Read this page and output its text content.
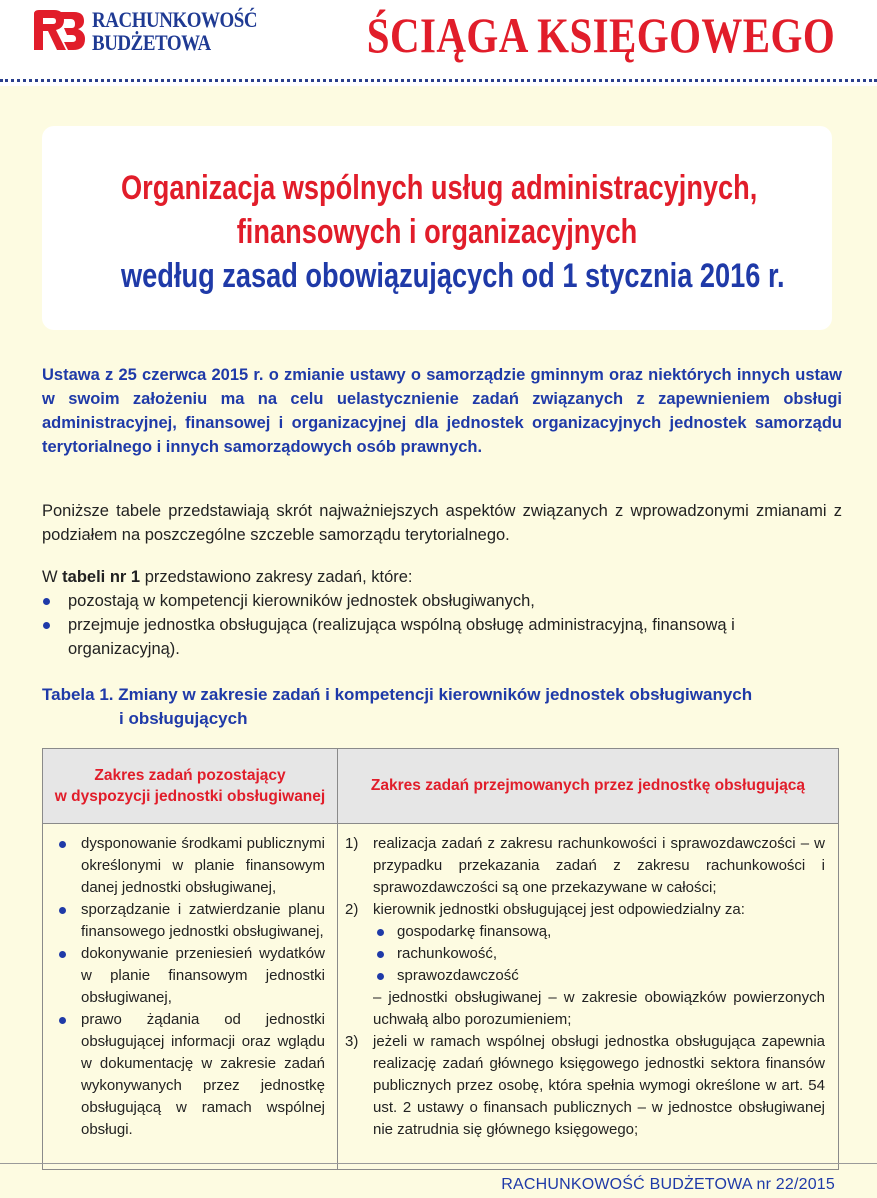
RACHUNKOWOŚĆ
BUDŻETOWA	ŚCIĄGA KSIĘGOWEGO
Organizacja wspólnych usług administracyjnych,
finansowych i organizacyjnych
według zasad obowiązujących od 1 stycznia 2016 r.
Ustawa z 25 czerwca 2015 r. o zmianie ustawy o samorządzie gminnym oraz niektórych innych ustaw w swoim założeniu ma na celu uelastycznienie zadań związanych z zapewnieniem obsługi administracyjnej, finansowej i organizacyjnej dla jednostek organizacyjnych jednostek samorządu terytorialnego i innych samorządowych osób prawnych.
Poniższe tabele przedstawiają skrót najważniejszych aspektów związanych z wprowadzonymi zmianami z podziałem na poszczególne szczeble samorządu terytorialnego.
W tabeli nr 1 przedstawiono zakresy zadań, które:
pozostają w kompetencji kierowników jednostek obsługiwanych,
przejmuje jednostka obsługująca (realizująca wspólną obsługę administracyjną, finansową i organizacyjną).
Tabela 1. Zmiany w zakresie zadań i kompetencji kierowników jednostek obsługiwanych
i obsługujących
Zakres zadań pozostający
w dyspozycji jednostki obsługiwanej
Zakres zadań przejmowanych przez jednostkę obsługującą
dysponowanie środkami publicznymi określonymi w planie finansowym danej jednostki obsługiwanej,
sporządzanie i zatwierdzanie planu finansowego jednostki obsługiwanej,
dokonywanie przeniesień wydatków w planie finansowym jednostki obsługiwanej,
prawo żądania od jednostki obsługującej informacji oraz wglądu w dokumentację w zakresie zadań wykonywanych przez jednostkę obsługującą w ramach wspólnej obsługi.
1) realizacja zadań z zakresu rachunkowości i sprawozdawczości – w przypadku przekazania zadań z zakresu rachunkowości i sprawozdawczości są one przekazywane w całości;
2) kierownik jednostki obsługującej jest odpowiedzialny za:
gospodarkę finansową,
rachunkowość,
sprawozdawczość
– jednostki obsługiwanej – w zakresie obowiązków powierzonych uchwałą albo porozumieniem;
3) jeżeli w ramach wspólnej obsługi jednostka obsługująca zapewnia realizację zadań głównego księgowego jednostki sektora finansów publicznych przez osobę, która spełnia wymogi określone w art. 54 ust. 2 ustawy o finansach publicznych – w jednostce obsługiwanej nie zatrudnia się głównego księgowego;
RACHUNKOWOŚĆ BUDŻETOWA nr 22/2015
